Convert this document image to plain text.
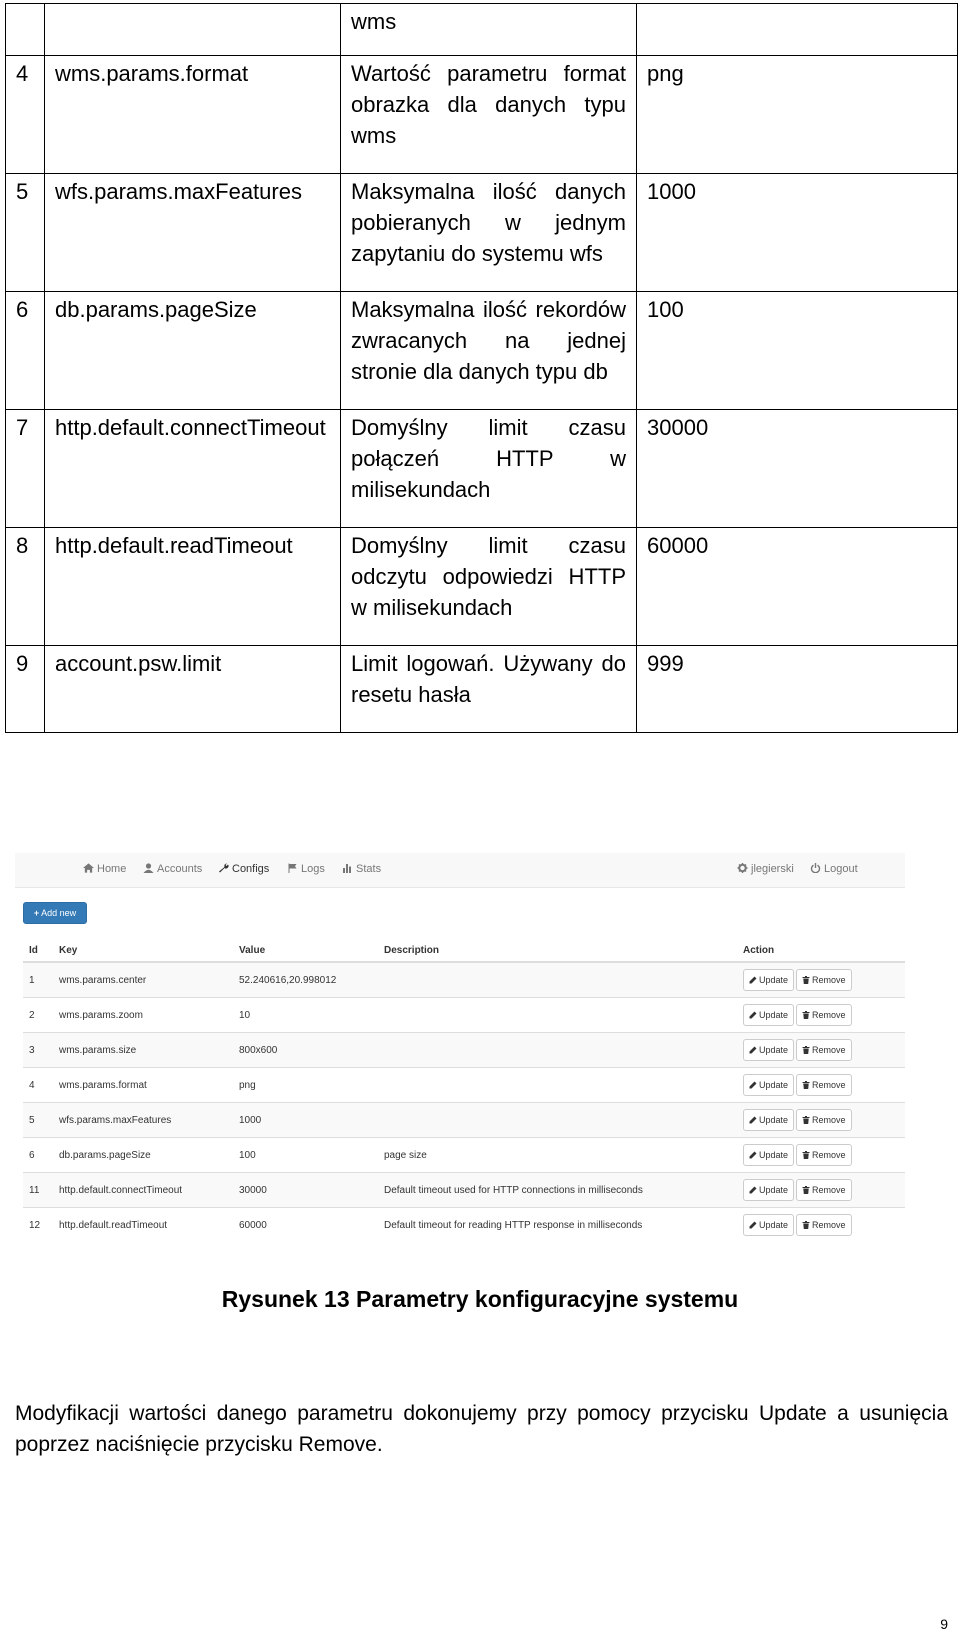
		wms	
4	wms.params.format	Wartość parametru format obrazka dla danych typu wms	png
5	wfs.params.maxFeatures	Maksymalna ilość danych pobieranych w jednym zapytaniu do systemu wfs	1000
6	db.params.pageSize	Maksymalna ilość rekordów zwracanych na jednej stronie dla danych typu db	100
7	http.default.connectTimeout	Domyślny limit czasu połączeń HTTP w milisekundach	30000
8	http.default.readTimeout	Domyślny limit czasu odczytu odpowiedzi HTTP w milisekundach	60000
9	account.psw.limit	Limit logowań. Używany do resetu hasła	999
Home	Accounts	Configs	Logs	Stats	jlegierski	Logout
+ Add new
Id	Key	Value	Description	Action
1	wms.params.center	52.240616,20.998012		Update Remove
2	wms.params.zoom	10		Update Remove
3	wms.params.size	800x600		Update Remove
4	wms.params.format	png		Update Remove
5	wfs.params.maxFeatures	1000		Update Remove
6	db.params.pageSize	100	page size	Update Remove
11	http.default.connectTimeout	30000	Default timeout used for HTTP connections in milliseconds	Update Remove
12	http.default.readTimeout	60000	Default timeout for reading HTTP response in milliseconds	Update Remove
Rysunek 13 Parametry konfiguracyjne systemu
Modyfikacji wartości danego parametru dokonujemy przy pomocy przycisku Update a usunięcia poprzez naciśnięcie przycisku Remove.
9
